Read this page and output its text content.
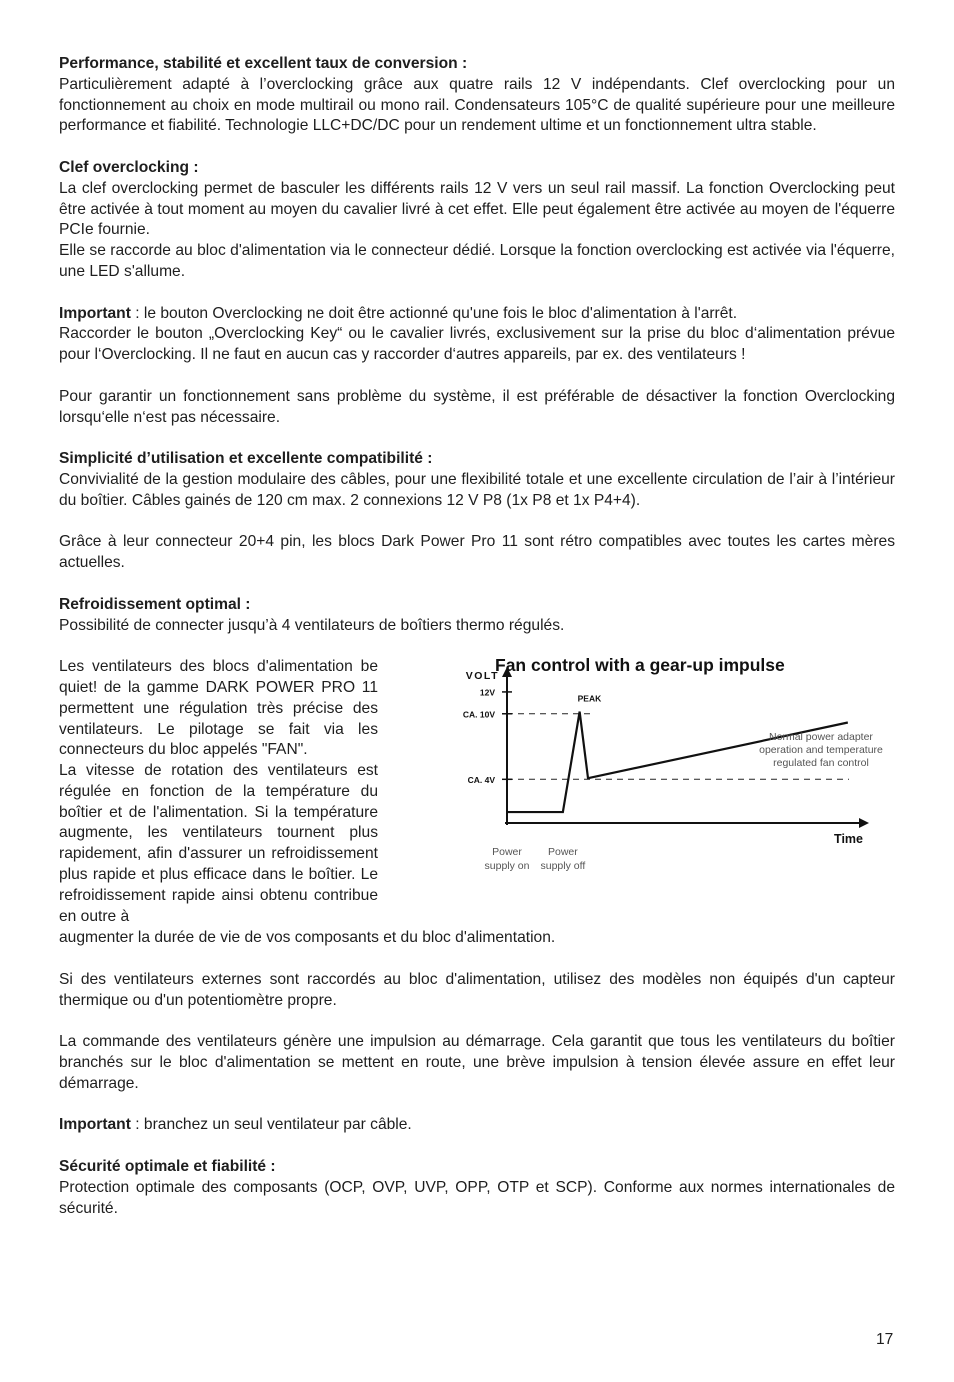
Performance, stabilité et excellent taux de conversion :
Particulièrement adapté à l’overclocking grâce aux quatre rails 12 V indépendants. Clef overclocking pour un fonctionnement au choix en mode multirail ou mono rail. Condensateurs 105°C de qualité supérieure pour une meilleure performance et fiabilité. Technologie LLC+DC/DC pour un rendement ultime et un fonctionnement ultra stable.

Clef overclocking :
La clef overclocking permet de basculer les différents rails 12 V vers un seul rail massif. La fonction Overclocking peut être activée à tout moment au moyen du cavalier livré à cet effet. Elle peut également être activée au moyen de l'équerre PCIe fournie.
Elle se raccorde au bloc d'alimentation via le connecteur dédié. Lorsque la fonction overclocking est activée via l'équerre, une LED s'allume.

Important : le bouton Overclocking ne doit être actionné qu'une fois le bloc d'alimentation à l'arrêt.
Raccorder le bouton „Overclocking Key“ ou le cavalier livrés, exclusivement sur la prise du bloc d‘alimentation prévue pour l‘Overclocking. Il ne faut en aucun cas y raccorder d‘autres appareils, par ex. des ventilateurs !

Pour garantir un fonctionnement sans problème du système, il est préférable de désactiver la fonction Overclocking lorsqu‘elle n‘est pas nécessaire.

Simplicité d’utilisation et excellente compatibilité :
Convivialité de la gestion modulaire des câbles, pour une flexibilité totale et une excellente circulation de l’air à l’intérieur du boîtier. Câbles gainés de 120 cm max. 2 connexions 12 V P8 (1x P8 et 1x P4+4).

Grâce à leur connecteur 20+4 pin, les blocs Dark Power Pro 11 sont rétro compatibles avec toutes les cartes mères actuelles.

Refroidissement optimal :
Possibilité de connecter jusqu’à 4 ventilateurs de boîtiers thermo régulés.

Les ventilateurs des blocs d'alimentation be quiet! de la gamme DARK POWER PRO 11 permettent une régulation très précise des ventilateurs. Le pilotage se fait via les connecteurs du bloc appelés "FAN".
La vitesse de rotation des ventilateurs est régulée en fonction de la température du boîtier et de l'alimentation. Si la température augmente, les ventilateurs tournent plus rapidement, afin d'assurer un refroidissement plus rapide et plus efficace dans le boîtier. Le refroidissement rapide ainsi obtenu contribue en outre à
Fan control with a gear-up impulse
VOLT
Time
12V
CA. 10V
CA. 4V
Power
supply on
Power
supply off
PEAK
Normal power adapter
operation and temperature
regulated fan control
augmenter la durée de vie de vos composants et du bloc d'alimentation.

Si des ventilateurs externes sont raccordés au bloc d'alimentation, utilisez des modèles non équipés d'un capteur thermique ou d'un potentiomètre propre.

La commande des ventilateurs génère une impulsion au démarrage. Cela garantit que tous les ventilateurs du boîtier branchés sur le bloc d'alimentation se mettent en route, une brève impulsion à tension élevée assure en effet leur démarrage.

Important : branchez un seul ventilateur par câble.

Sécurité optimale et fiabilité :
Protection optimale des composants (OCP, OVP, UVP, OPP, OTP et SCP). Conforme aux normes internationales de sécurité.

17
